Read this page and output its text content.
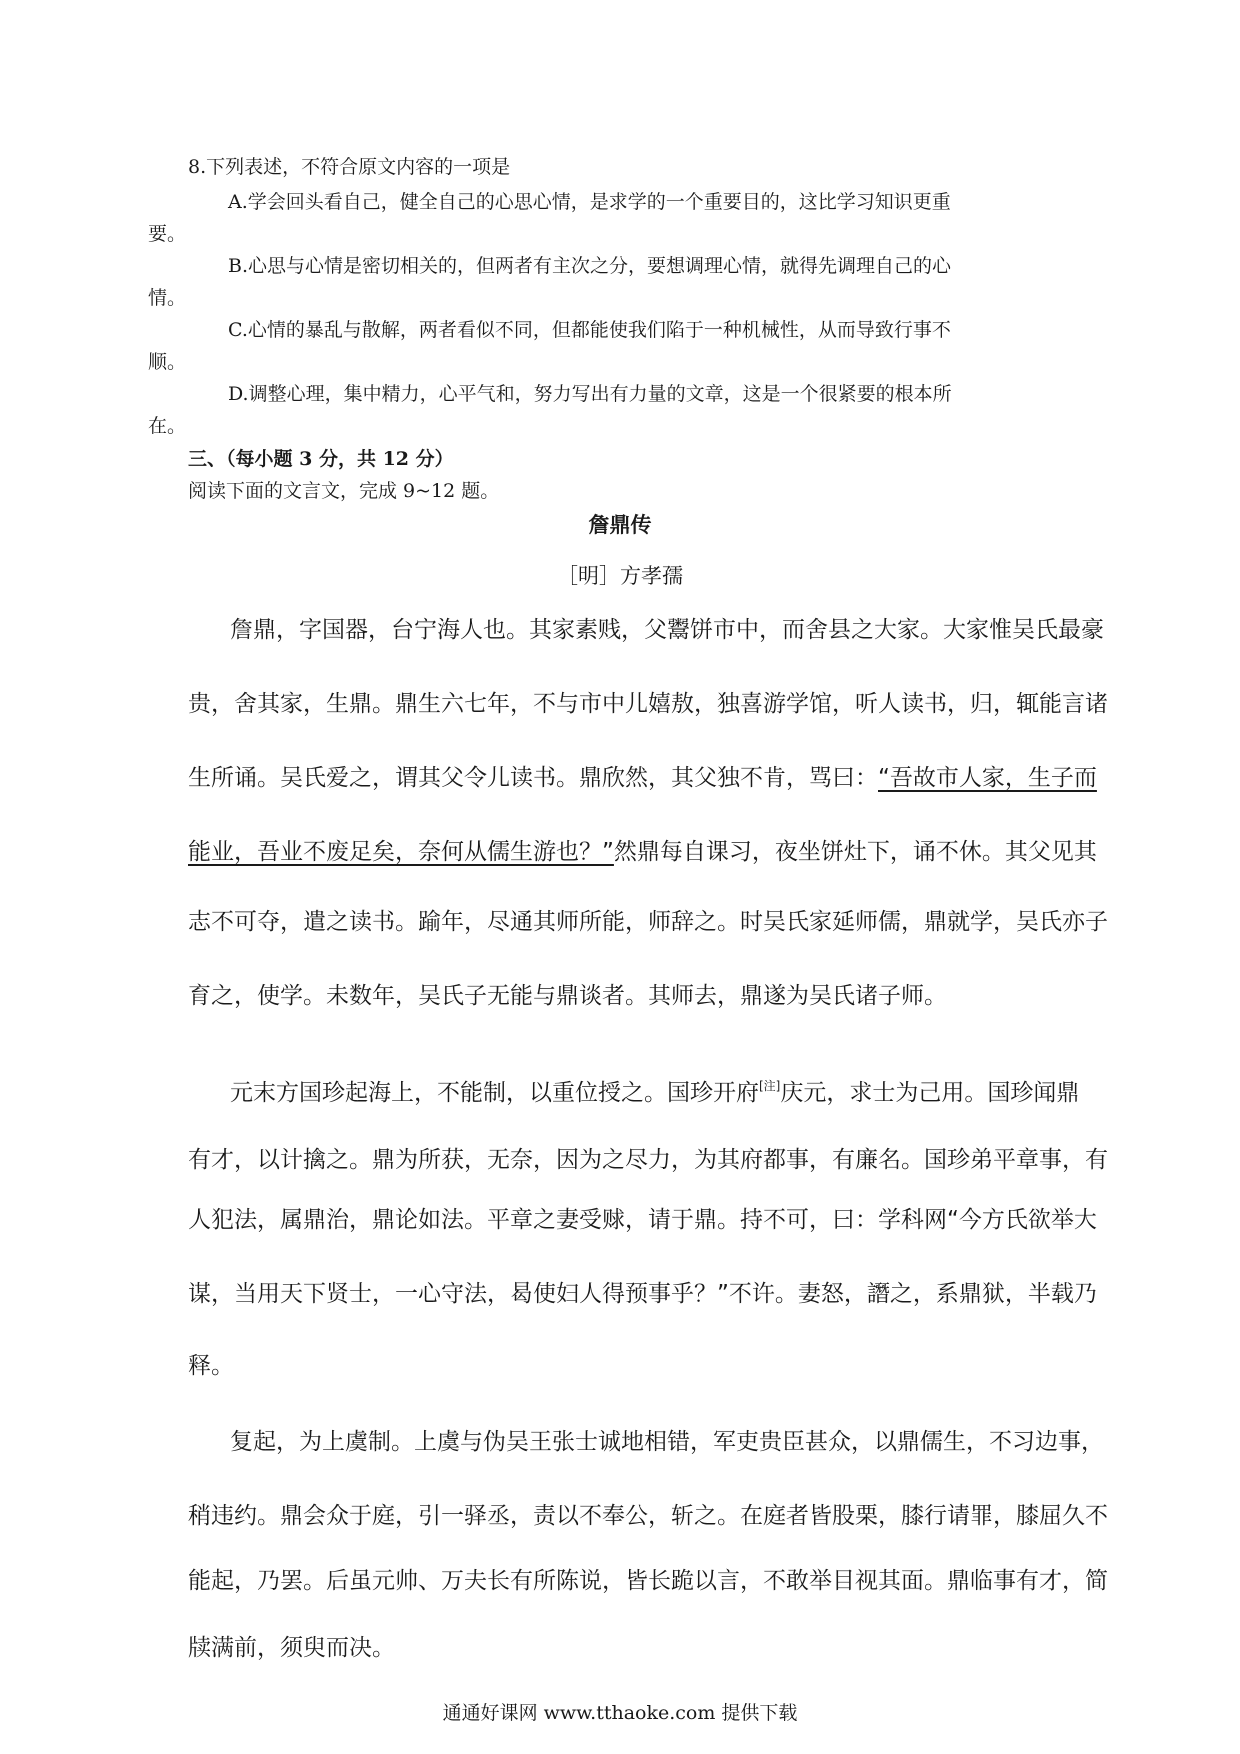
8.下列表述，不符合原文内容的一项是
A.学会回头看自己，健全自己的心思心情，是求学的一个重要目的，这比学习知识更重
要。
B.心思与心情是密切相关的，但两者有主次之分，要想调理心情，就得先调理自己的心
情。
C.心情的暴乱与散解，两者看似不同，但都能使我们陷于一种机械性，从而导致行事不
顺。
D.调整心理，集中精力，心平气和，努力写出有力量的文章，这是一个很紧要的根本所
在。
三、（每小题 3 分，共 12 分）
阅读下面的文言文，完成 9~12 题。
詹鼎传
［明］方孝孺
詹鼎，字国器，台宁海人也。其家素贱，父鬻饼市中，而舍县之大家。大家惟吴氏最豪
贵，舍其家，生鼎。鼎生六七年，不与市中儿嬉敖，独喜游学馆，听人读书，归，辄能言诸
生所诵。吴氏爱之，谓其父令儿读书。鼎欣然，其父独不肯，骂曰：“吾故市人家，生子而
能业，吾业不废足矣，奈何从儒生游也？”然鼎每自课习，夜坐饼灶下，诵不休。其父见其
志不可夺，遣之读书。踰年，尽通其师所能，师辞之。时吴氏家延师儒，鼎就学，吴氏亦子
育之，使学。未数年，吴氏子无能与鼎谈者。其师去，鼎遂为吴氏诸子师。
元末方国珍起海上，不能制，以重位授之。国珍开府[注]庆元，求士为己用。国珍闻鼎
有才，以计擒之。鼎为所获，无奈，因为之尽力，为其府都事，有廉名。国珍弟平章事，有
人犯法，属鼎治，鼎论如法。平章之妻受赇，请于鼎。持不可，曰：学科网“今方氏欲举大
谋，当用天下贤士，一心守法，曷使妇人得预事乎？”不许。妻怒，譖之，系鼎狱，半载乃
释。
复起，为上虞制。上虞与伪吴王张士诚地相错，军吏贵臣甚众，以鼎儒生，不习边事，
稍违约。鼎会众于庭，引一驿丞，责以不奉公，斩之。在庭者皆股栗，膝行请罪，膝屈久不
能起，乃罢。后虽元帅、万夫长有所陈说，皆长跪以言，不敢举目视其面。鼎临事有才，简
牍满前，须臾而决。
通通好课网 www.tthaoke.com 提供下载
